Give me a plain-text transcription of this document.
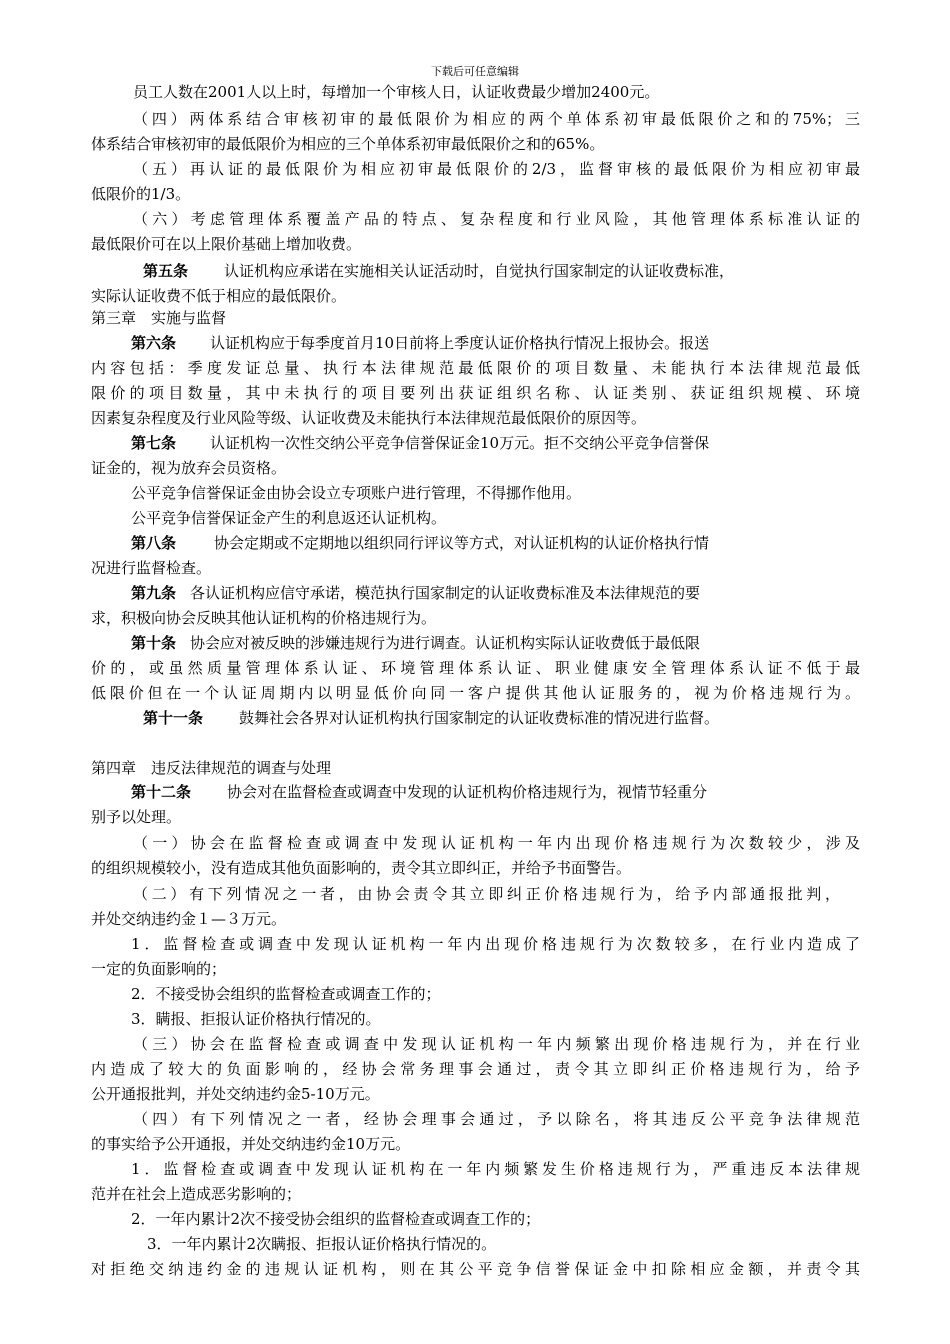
下载后可任意编辑
员工人数在2001人以上时，每增加一个审核人日，认证收费最少增加2400元。
（四）两体系结合审核初审的最低限价为相应的两个单体系初审最低限价之和的75%；三
体系结合审核初审的最低限价为相应的三个单体系初审最低限价之和的65%。
（五）再认证的最低限价为相应初审最低限价的2/3，监督审核的最低限价为相应初审最
低限价的1/3。
（六）考虑管理体系覆盖产品的特点、复杂程度和行业风险，其他管理体系标准认证的
最低限价可在以上限价基础上增加收费。
第五条 认证机构应承诺在实施相关认证活动时，自觉执行国家制定的认证收费标准，
实际认证收费不低于相应的最低限价。
第三章　实施与监督
第六条 认证机构应于每季度首月10日前将上季度认证价格执行情况上报协会。报送
内容包括：季度发证总量、执行本法律规范最低限价的项目数量、未能执行本法律规范最低
限价的项目数量，其中未执行的项目要列出获证组织名称、认证类别、获证组织规模、环境
因素复杂程度及行业风险等级、认证收费及未能执行本法律规范最低限价的原因等。
第七条 认证机构一次性交纳公平竞争信誉保证金10万元。拒不交纳公平竞争信誉保
证金的，视为放弃会员资格。
公平竞争信誉保证金由协会设立专项账户进行管理，不得挪作他用。
公平竞争信誉保证金产生的利息返还认证机构。
第八条	协会定期或不定期地以组织同行评议等方式，对认证机构的认证价格执行情
况进行监督检查。
第九条 各认证机构应信守承诺，模范执行国家制定的认证收费标准及本法律规范的要
求，积极向协会反映其他认证机构的价格违规行为。
第十条 协会应对被反映的涉嫌违规行为进行调查。认证机构实际认证收费低于最低限
价的，或虽然质量管理体系认证、环境管理体系认证、职业健康安全管理体系认证不低于最
低限价但在一个认证周期内以明显低价向同一客户提供其他认证服务的，视为价格违规行为。
第十一条 鼓舞社会各界对认证机构执行国家制定的认证收费标准的情况进行监督。
第四章　违反法律规范的调查与处理
第十二条 协会对在监督检查或调查中发现的认证机构价格违规行为，视情节轻重分
别予以处理。
（一）协会在监督检查或调查中发现认证机构一年内出现价格违规行为次数较少，涉及
的组织规模较小，没有造成其他负面影响的，责令其立即纠正，并给予书面警告。
（二）有下列情况之一者，由协会责令其立即纠正价格违规行为，给予内部通报批判，
并处交纳违约金１—３万元。
1．监督检查或调查中发现认证机构一年内出现价格违规行为次数较多，在行业内造成了
一定的负面影响的；
2．不接受协会组织的监督检查或调查工作的；
3．瞒报、拒报认证价格执行情况的。
（三）协会在监督检查或调查中发现认证机构一年内频繁出现价格违规行为，并在行业
内造成了较大的负面影响的，经协会常务理事会通过，责令其立即纠正价格违规行为，给予
公开通报批判，并处交纳违约金5-10万元。
（四）有下列情况之一者，经协会理事会通过，予以除名，将其违反公平竞争法律规范
的事实给予公开通报，并处交纳违约金10万元。
1．监督检查或调查中发现认证机构在一年内频繁发生价格违规行为，严重违反本法律规
范并在社会上造成恶劣影响的；
2．一年内累计2次不接受协会组织的监督检查或调查工作的；
3．一年内累计2次瞒报、拒报认证价格执行情况的。
对拒绝交纳违约金的违规认证机构，则在其公平竞争信誉保证金中扣除相应金额，并责令其
